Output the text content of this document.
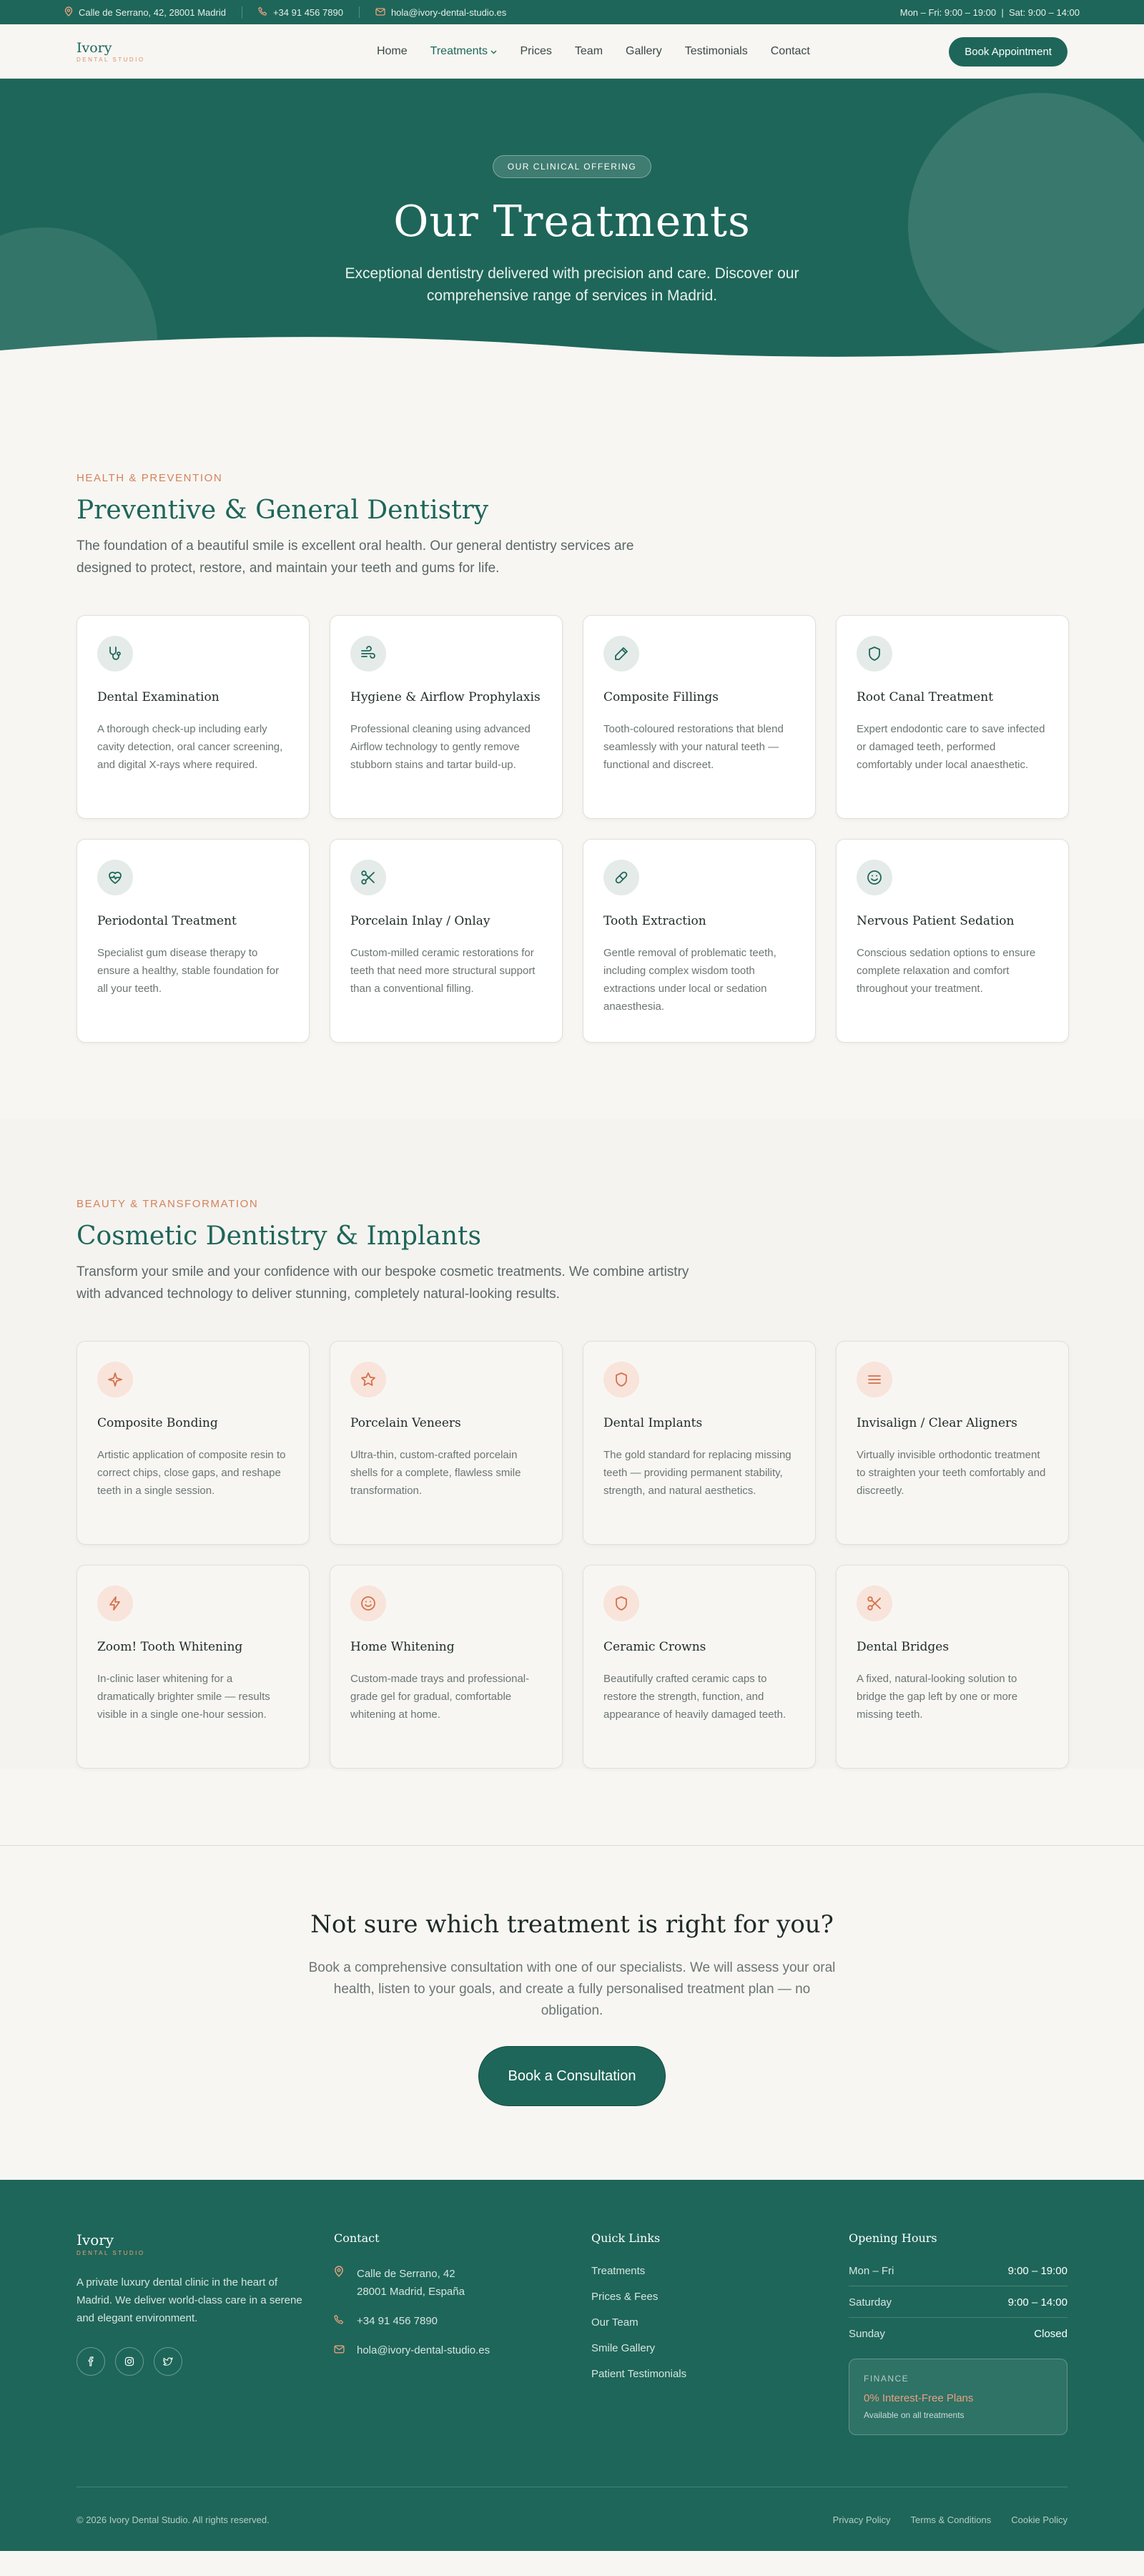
Calle de Serrano, 42, 28001 Madrid	+34 91 456 7890	hola@ivory-dental-studio.es	Mon – Fri: 9:00 – 19:00  |  Sat: 9:00 – 14:00
Ivory
DENTAL STUDIO
Home Treatments	Prices Team Gallery Testimonials Contact	Book Appointment
OUR CLINICAL OFFERING
Our Treatments

Exceptional dentistry delivered with precision and care. Discover our comprehensive range of services in Madrid.

HEALTH & PREVENTION
Preventive & General Dentistry

The foundation of a beautiful smile is excellent oral health. Our general dentistry services are designed to protect, restore, and maintain your teeth and gums for life.

Dental Examination

A thorough check-up including early cavity detection, oral cancer screening, and digital X-rays where required.

Hygiene & Airflow Prophylaxis

Professional cleaning using advanced Airflow technology to gently remove stubborn stains and tartar build-up.

Composite Fillings

Tooth-coloured restorations that blend seamlessly with your natural teeth — functional and discreet.

Root Canal Treatment

Expert endodontic care to save infected or damaged teeth, performed comfortably under local anaesthetic.

Periodontal Treatment

Specialist gum disease therapy to ensure a healthy, stable foundation for all your teeth.

Porcelain Inlay / Onlay

Custom-milled ceramic restorations for teeth that need more structural support than a conventional filling.

Tooth Extraction

Gentle removal of problematic teeth, including complex wisdom tooth extractions under local or sedation anaesthesia.

Nervous Patient Sedation

Conscious sedation options to ensure complete relaxation and comfort throughout your treatment.

BEAUTY & TRANSFORMATION
Cosmetic Dentistry & Implants

Transform your smile and your confidence with our bespoke cosmetic treatments. We combine artistry with advanced technology to deliver stunning, completely natural-looking results.

Composite Bonding

Artistic application of composite resin to correct chips, close gaps, and reshape teeth in a single session.

Porcelain Veneers

Ultra-thin, custom-crafted porcelain shells for a complete, flawless smile transformation.

Dental Implants

The gold standard for replacing missing teeth — providing permanent stability, strength, and natural aesthetics.

Invisalign / Clear Aligners

Virtually invisible orthodontic treatment to straighten your teeth comfortably and discreetly.

Zoom! Tooth Whitening

In-clinic laser whitening for a dramatically brighter smile — results visible in a single one-hour session.

Home Whitening

Custom-made trays and professional-grade gel for gradual, comfortable whitening at home.

Ceramic Crowns

Beautifully crafted ceramic caps to restore the strength, function, and appearance of heavily damaged teeth.

Dental Bridges

A fixed, natural-looking solution to bridge the gap left by one or more missing teeth.

Not sure which treatment is right for you?

Book a comprehensive consultation with one of our specialists. We will assess your oral health, listen to your goals, and create a fully personalised treatment plan — no obligation.

Book a Consultation
Ivory
DENTAL STUDIO

A private luxury dental clinic in the heart of Madrid. We deliver world-class care in a serene and elegant environment.

Contact
Calle de Serrano, 42
28001 Madrid, España
+34 91 456 7890
hola@ivory-dental-studio.es
Quick Links
Treatments
Prices & Fees
Our Team
Smile Gallery
Patient Testimonials
Opening Hours
Mon – Fri	9:00 – 19:00
Saturday	9:00 – 14:00
Sunday	Closed
FINANCE
0% Interest-Free Plans
Available on all treatments
© 2026 Ivory Dental Studio. All rights reserved.	Privacy Policy Terms & Conditions Cookie Policy
